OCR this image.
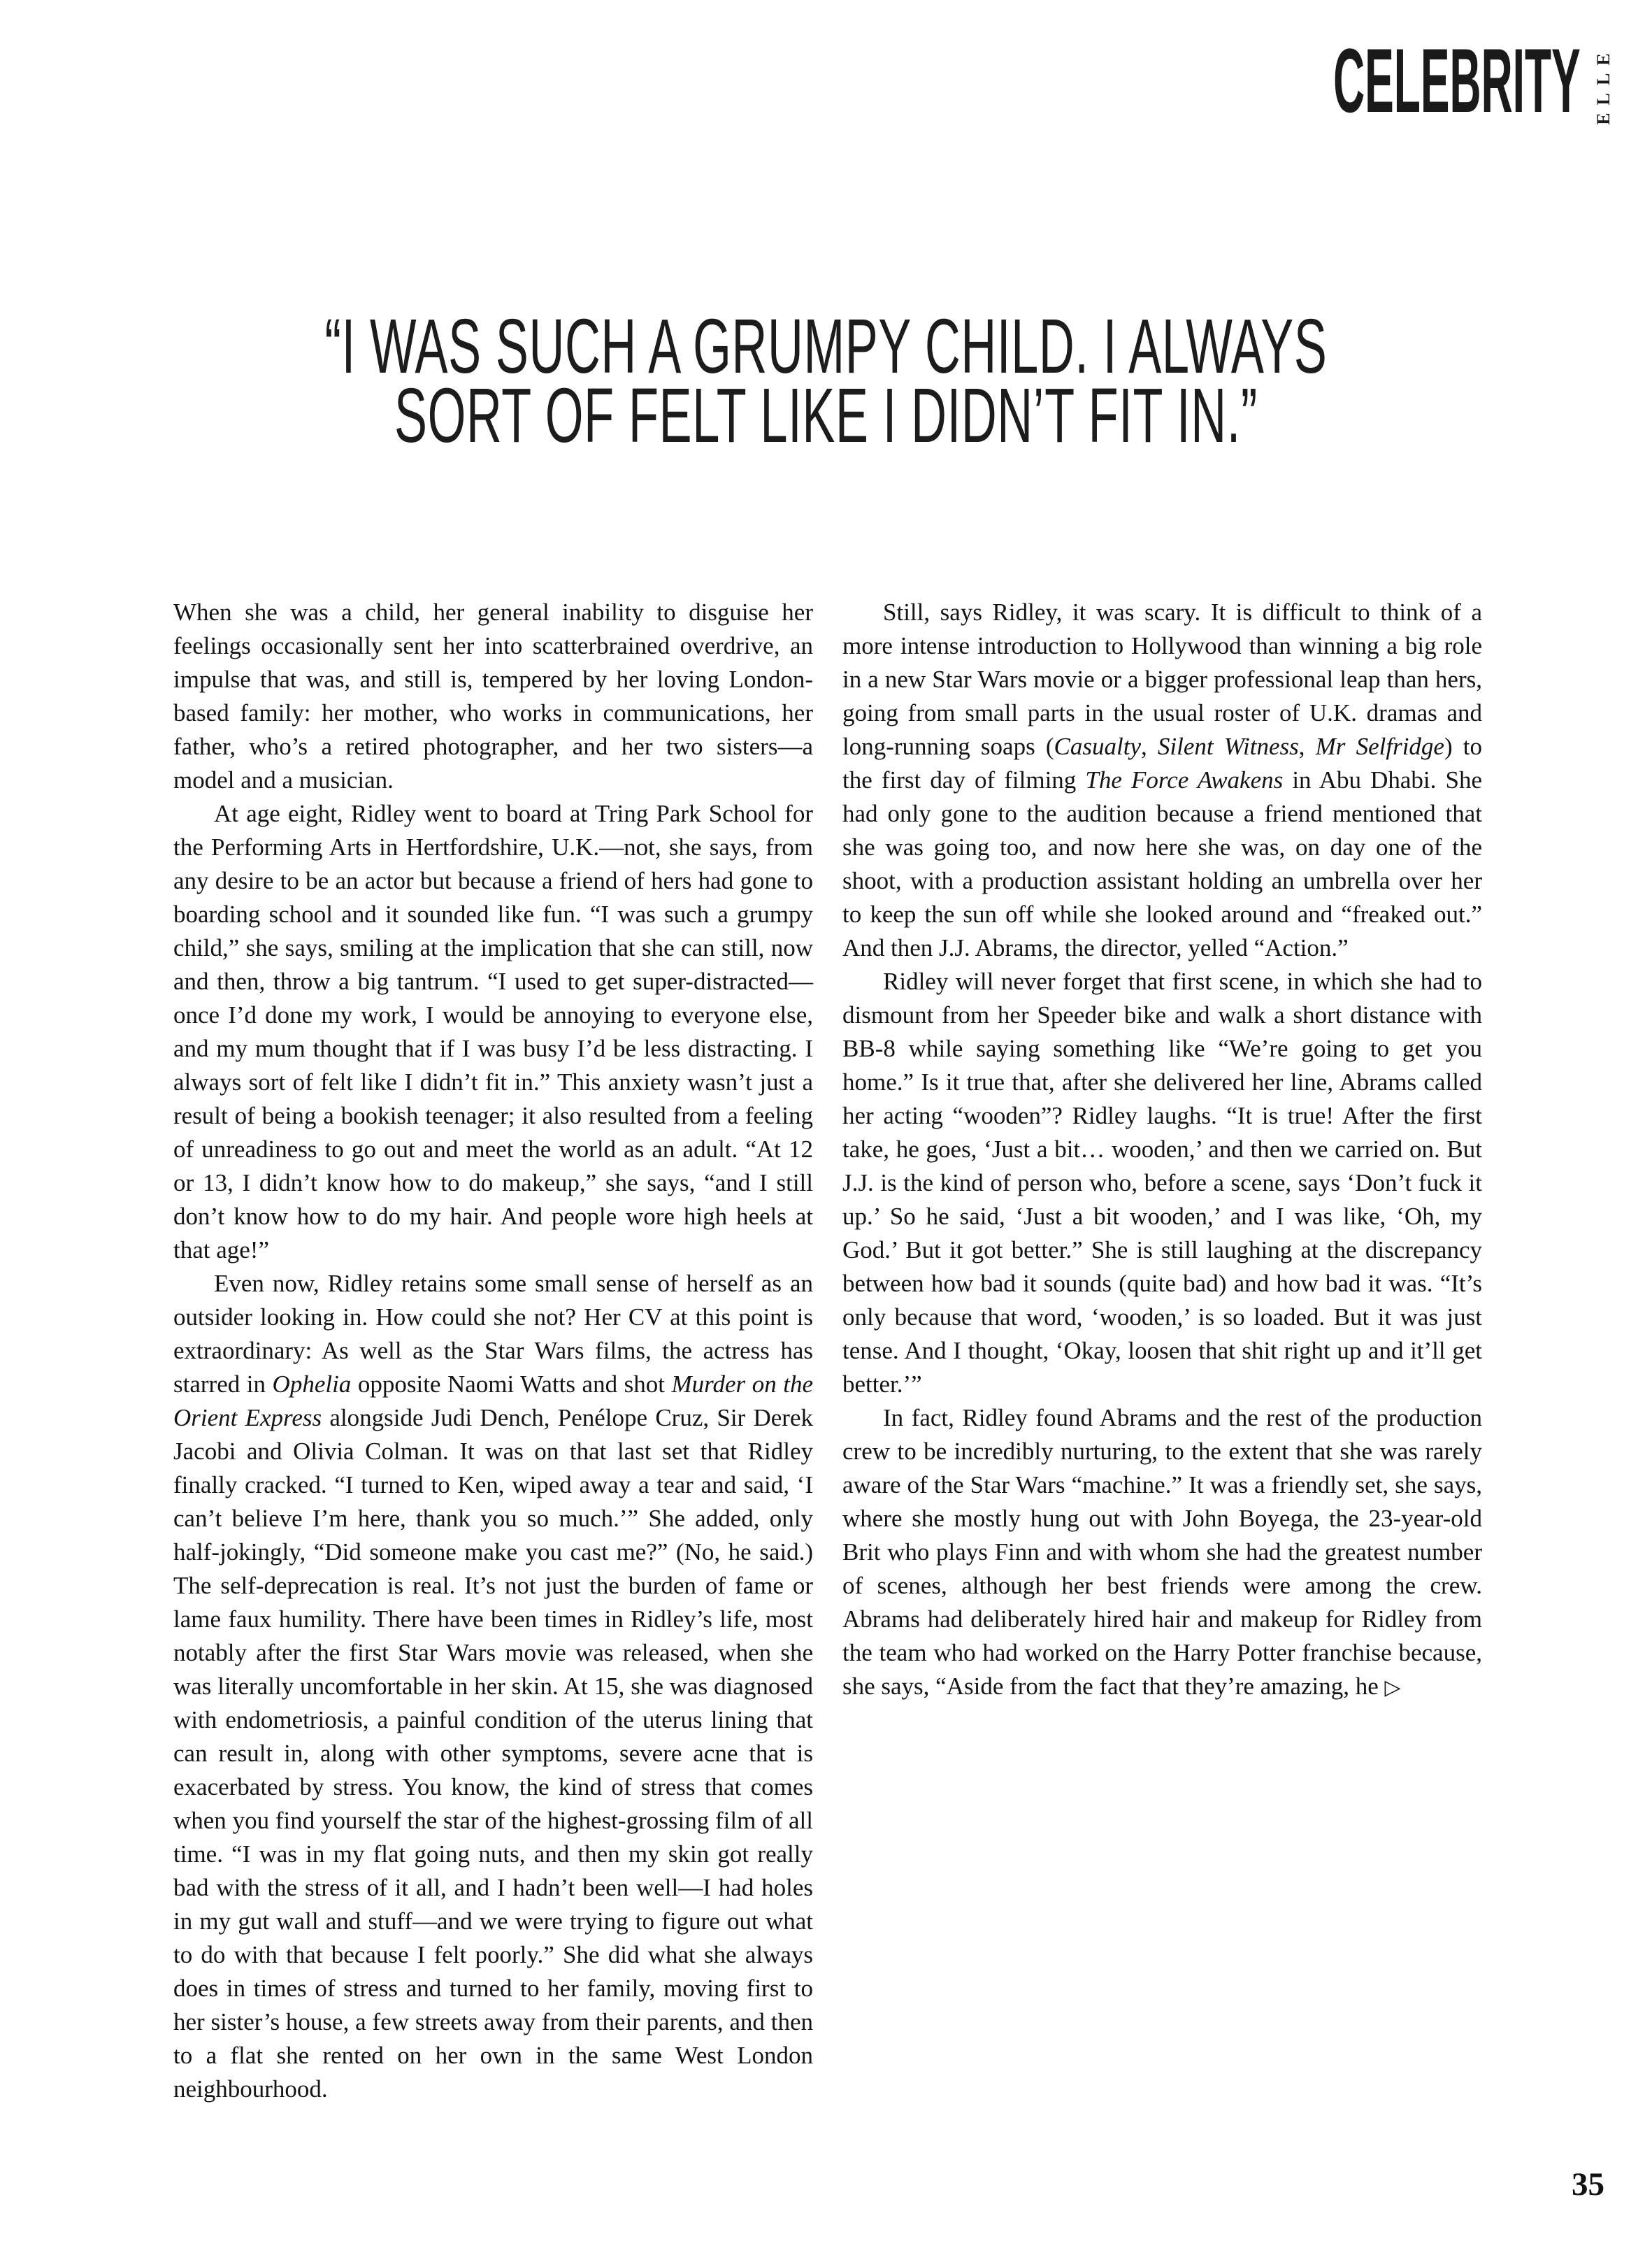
CELEBRITY ELLE
“I WAS SUCH A GRUMPY CHILD. I ALWAYS
SORT OF FELT LIKE I DIDN’T FIT IN.”

When she was a child, her general inability to disguise her feelings occasionally sent her into scatterbrained overdrive, an impulse that was, and still is, tempered by her loving London-based family: her mother, who works in communications, her father, who’s a retired photographer, and her two sisters—a model and a musician.

At age eight, Ridley went to board at Tring Park School for the Performing Arts in Hertfordshire, U.K.—not, she says, from any desire to be an actor but because a friend of hers had gone to boarding school and it sounded like fun. “I was such a grumpy child,” she says, smiling at the implication that she can still, now and then, throw a big tantrum. “I used to get super-distracted—once I’d done my work, I would be annoying to everyone else, and my mum thought that if I was busy I’d be less distracting. I always sort of felt like I didn’t fit in.” This anxiety wasn’t just a result of being a bookish teenager; it also resulted from a feeling of unreadiness to go out and meet the world as an adult. “At 12 or 13, I didn’t know how to do makeup,” she says, “and I still don’t know how to do my hair. And people wore high heels at that age!”

Even now, Ridley retains some small sense of herself as an outsider looking in. How could she not? Her CV at this point is extraordinary: As well as the Star Wars films, the actress has starred in Ophelia opposite Naomi Watts and shot Murder on the Orient Express alongside Judi Dench, Penélope Cruz, Sir Derek Jacobi and Olivia Colman. It was on that last set that Ridley finally cracked. “I turned to Ken, wiped away a tear and said, ‘I can’t believe I’m here, thank you so much.’” She added, only half-jokingly, “Did someone make you cast me?” (No, he said.) The self-deprecation is real. It’s not just the burden of fame or lame faux humility. There have been times in Ridley’s life, most notably after the first Star Wars movie was released, when she was literally uncomfortable in her skin. At 15, she was diagnosed with endometriosis, a painful condition of the uterus lining that can result in, along with other symptoms, severe acne that is exacerbated by stress. You know, the kind of stress that comes when you find yourself the star of the highest-grossing film of all time. “I was in my flat going nuts, and then my skin got really bad with the stress of it all, and I hadn’t been well—I had holes in my gut wall and stuff—and we were trying to figure out what to do with that because I felt poorly.” She did what she always does in times of stress and turned to her family, moving first to her sister’s house, a few streets away from their parents, and then to a flat she rented on her own in the same West London neighbourhood.

Still, says Ridley, it was scary. It is difficult to think of a more intense introduction to Hollywood than winning a big role in a new Star Wars movie or a bigger professional leap than hers, going from small parts in the usual roster of U.K. dramas and long-running soaps (Casualty, Silent Witness, Mr Selfridge) to the first day of filming The Force Awakens in Abu Dhabi. She had only gone to the audition because a friend mentioned that she was going too, and now here she was, on day one of the shoot, with a production assistant holding an umbrella over her to keep the sun off while she looked around and “freaked out.” And then J.J. Abrams, the director, yelled “Action.”

Ridley will never forget that first scene, in which she had to dismount from her Speeder bike and walk a short distance with BB-8 while saying something like “We’re going to get you home.” Is it true that, after she delivered her line, Abrams called her acting “wooden”? Ridley laughs. “It is true! After the first take, he goes, ‘Just a bit… wooden,’ and then we carried on. But J.J. is the kind of person who, before a scene, says ‘Don’t fuck it up.’ So he said, ‘Just a bit wooden,’ and I was like, ‘Oh, my God.’ But it got better.” She is still laughing at the discrepancy between how bad it sounds (quite bad) and how bad it was. “It’s only because that word, ‘wooden,’ is so loaded. But it was just tense. And I thought, ‘Okay, loosen that shit right up and it’ll get better.’”

In fact, Ridley found Abrams and the rest of the production crew to be incredibly nurturing, to the extent that she was rarely aware of the Star Wars “machine.” It was a friendly set, she says, where she mostly hung out with John Boyega, the 23-year-old Brit who plays Finn and with whom she had the greatest number of scenes, although her best friends were among the crew. Abrams had deliberately hired hair and makeup for Ridley from the team who had worked on the Harry Potter franchise because, she says, “Aside from the fact that they’re amazing, he ▷

35
